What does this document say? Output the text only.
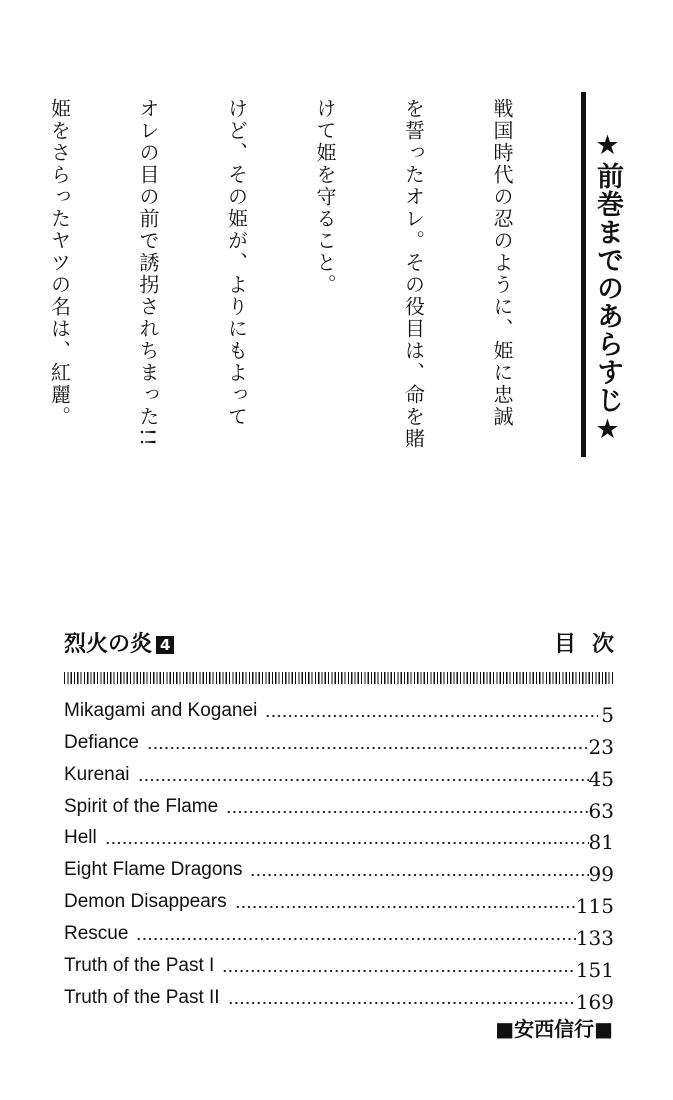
★前巻までのあらすじ★

戦国時代の忍のように、姫に忠誠

を誓ったオレ。その役目は、命を賭

けて姫を守ること。

けど、その姫が、よりにもよって

オレの目の前で誘拐されちまった!!

姫をさらったヤツの名は、紅麗。

烈火の炎 4	目次
Mikagami and Koganei	5
Defiance	23
Kurenai	45
Spirit of the Flame	63
Hell	81
Eight Flame Dragons	99
Demon Disappears	115
Rescue	133
Truth of the Past I	151
Truth of the Past II	169
■安西信行■
